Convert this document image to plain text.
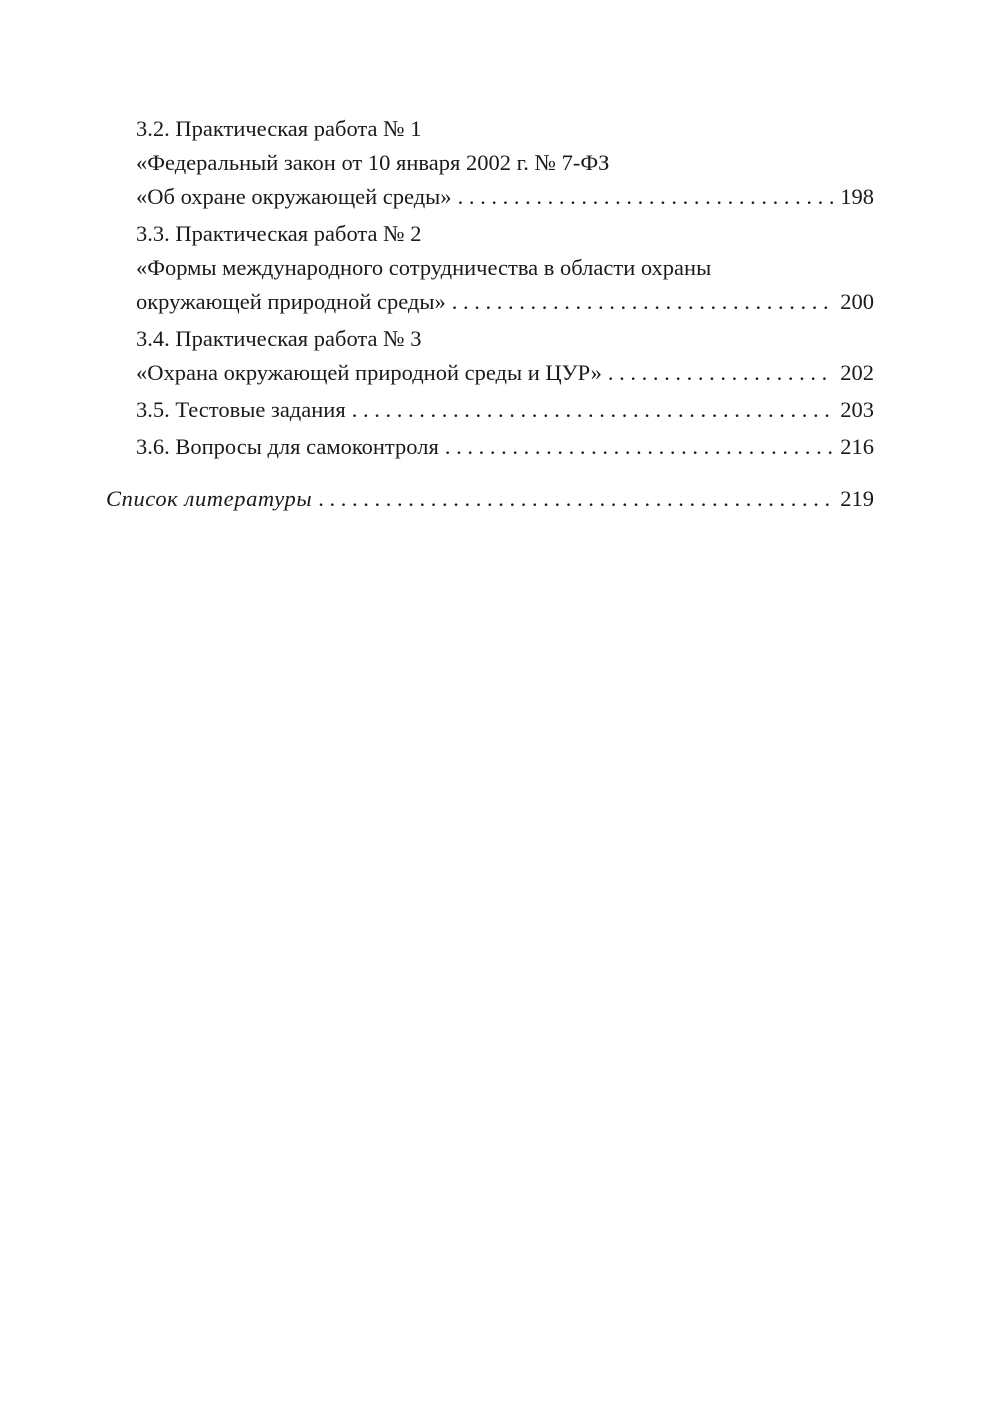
3.2. Практическая работа № 1
«Федеральный закон от 10 января 2002 г. № 7-ФЗ
«Об охране окружающей среды» . . .	198
3.3. Практическая работа № 2
«Формы международного сотрудничества в области охраны
окружающей природной среды» . . .	200
3.4. Практическая работа № 3
«Охрана окружающей природной среды и ЦУР» . . .	202
3.5. Тестовые задания . . .	203
3.6. Вопросы для самоконтроля . . .	216
Список литературы . . .	219
